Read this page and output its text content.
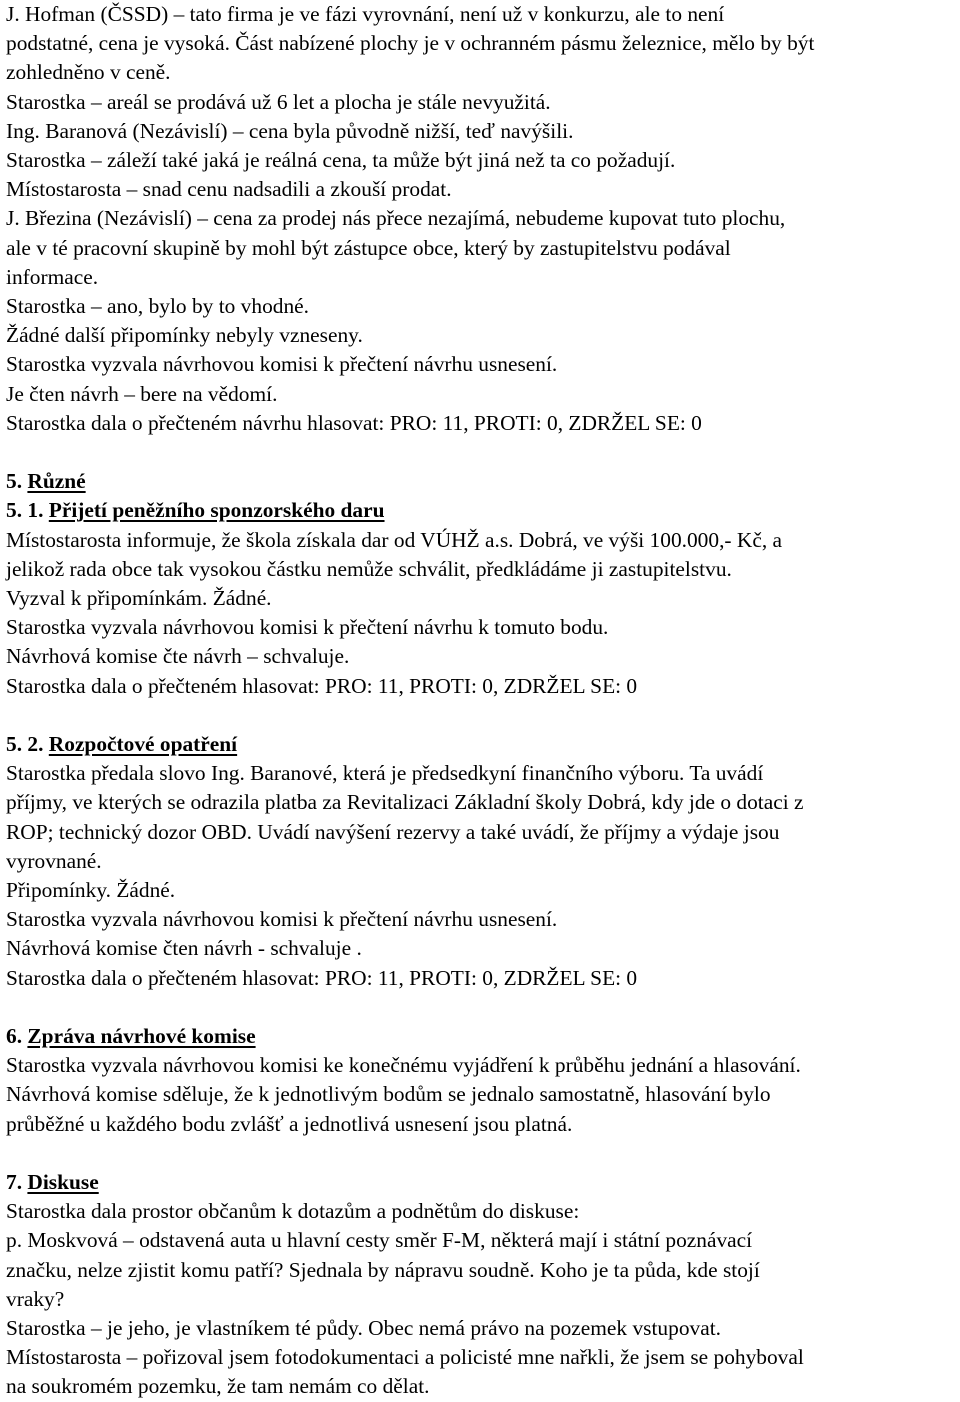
J. Hofman (ČSSD) – tato firma je ve fázi vyrovnání, není už v konkurzu, ale to není

podstatné, cena je vysoká. Část nabízené plochy je v ochranném pásmu železnice, mělo by být

zohledněno v ceně.

Starostka – areál se prodává už 6 let a plocha je stále nevyužitá.

Ing. Baranová (Nezávislí) – cena byla původně nižší, teď navýšili.

Starostka – záleží také jaká je reálná cena, ta může být jiná než ta co požadují.

Místostarosta – snad cenu nadsadili a zkouší prodat.

J. Březina (Nezávislí) – cena za prodej nás přece nezajímá, nebudeme kupovat tuto plochu,

ale v té pracovní skupině by mohl být zástupce obce, který by zastupitelstvu podával

informace.

Starostka – ano, bylo by to vhodné.

Žádné další připomínky nebyly vzneseny.

Starostka vyzvala návrhovou komisi k přečtení návrhu usnesení.

Je čten návrh – bere na vědomí.

Starostka dala o přečteném návrhu hlasovat: PRO: 11, PROTI: 0, ZDRŽEL SE: 0

5. Různé

5. 1. Přijetí peněžního sponzorského daru

Místostarosta informuje, že škola získala dar od VÚHŽ a.s. Dobrá, ve výši 100.000,- Kč, a

jelikož rada obce tak vysokou částku nemůže schválit, předkládáme ji zastupitelstvu.

Vyzval k připomínkám. Žádné.

Starostka vyzvala návrhovou komisi k přečtení návrhu k tomuto bodu.

Návrhová komise čte návrh – schvaluje.

Starostka dala o přečteném hlasovat: PRO: 11, PROTI: 0, ZDRŽEL SE: 0

5. 2. Rozpočtové opatření

Starostka předala slovo Ing. Baranové, která je předsedkyní finančního výboru. Ta uvádí

příjmy, ve kterých se odrazila platba za Revitalizaci Základní školy Dobrá, kdy jde o dotaci z

ROP; technický dozor OBD. Uvádí navýšení rezervy a také uvádí, že příjmy a výdaje jsou

vyrovnané.

Připomínky. Žádné.

Starostka vyzvala návrhovou komisi k přečtení návrhu usnesení.

Návrhová komise čten návrh - schvaluje .

Starostka dala o přečteném hlasovat: PRO: 11, PROTI: 0, ZDRŽEL SE: 0

6. Zpráva návrhové komise

Starostka vyzvala návrhovou komisi ke konečnému vyjádření k průběhu jednání a hlasování.

Návrhová komise sděluje, že k jednotlivým bodům se jednalo samostatně, hlasování bylo

průběžné u každého bodu zvlášť a jednotlivá usnesení jsou platná.

7. Diskuse

Starostka dala prostor občanům k dotazům a podnětům do diskuse:

p. Moskvová – odstavená auta u hlavní cesty směr F-M, některá mají i státní poznávací

značku, nelze zjistit komu patří? Sjednala by nápravu soudně. Koho je ta půda, kde stojí

vraky?

Starostka – je jeho, je vlastníkem té půdy. Obec nemá právo na pozemek vstupovat.

Místostarosta – pořizoval jsem fotodokumentaci a policisté mne nařkli, že jsem se pohyboval

na soukromém pozemku, že tam nemám co dělat.
